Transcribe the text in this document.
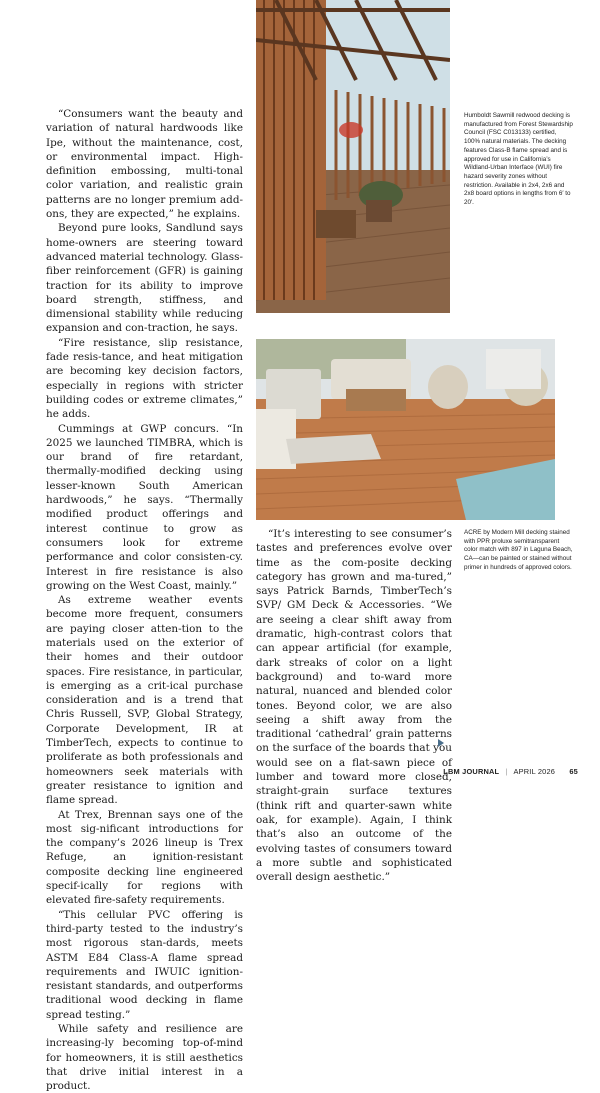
“Consumers want the beauty and variation of natural hardwoods like Ipe, without the maintenance, cost, or environmental impact. High-definition embossing, multi-tonal color variation, and realistic grain patterns are no longer premium add-ons, they are expected,” he explains.

Beyond pure looks, Sandlund says home-owners are steering toward advanced material technology. Glass-fiber reinforcement (GFR) is gaining traction for its ability to improve board strength, stiffness, and dimensional stability while reducing expansion and con-traction, he says.

“Fire resistance, slip resistance, fade resis-tance, and heat mitigation are becoming key decision factors, especially in regions with stricter building codes or extreme climates,” he adds.

Cummings at GWP concurs. “In 2025 we launched TIMBRA, which is our brand of fire retardant, thermally-modified decking using lesser-known South American hardwoods,” he says. “Thermally modified product offerings and interest continue to grow as consumers look for extreme performance and color consisten-cy. Interest in fire resistance is also growing on the West Coast, mainly.”

As extreme weather events become more frequent, consumers are paying closer atten-tion to the materials used on the exterior of their homes and their outdoor spaces. Fire resistance, in particular, is emerging as a crit-ical purchase consideration and is a trend that Chris Russell, SVP, Global Strategy, Corporate Development, IR at TimberTech, expects to continue to proliferate as both professionals and homeowners seek materials with greater resistance to ignition and flame spread.

At Trex, Brennan says one of the most sig-nificant introductions for the company’s 2026 lineup is Trex Refuge, an ignition-resistant composite decking line engineered specif-ically for regions with elevated fire-safety requirements.

“This cellular PVC offering is third-party tested to the industry’s most rigorous stan-dards, meets ASTM E84 Class-A flame spread requirements and IWUIC ignition-resistant standards, and outperforms traditional wood decking in flame spread testing.”

While safety and resilience are increasing-ly becoming top-of-mind for homeowners, it is still aesthetics that drive initial interest in a product.

Humboldt Sawmill redwood decking is manufactured from Forest Stewardship Council (FSC C013133) certified, 100% natural materials. The decking features Class-B flame spread and is approved for use in California’s Wildland-Urban Interface (WUI) fire hazard severity zones without restriction. Available in 2x4, 2x6 and 2x8 board options in lengths from 6′ to 20′.

“It’s interesting to see consumer’s tastes and preferences evolve over time as the com-posite decking category has grown and ma-tured,” says Patrick Barnds, TimberTech’s SVP/ GM Deck & Accessories. “We are seeing a clear shift away from dramatic, high-contrast colors that can appear artificial (for example, dark streaks of color on a light background) and to-ward more natural, nuanced and blended color tones. Beyond color, we are also seeing a shift away from the traditional ‘cathedral’ grain patterns on the surface of the boards that you would see on a flat-sawn piece of lumber and toward more closed, straight-grain surface textures (think rift and quarter-sawn white oak, for example). Again, I think that’s also an outcome of the evolving tastes of consumers toward a more subtle and sophisticated overall design aesthetic.”

ACRE by Modern Mill decking stained with PPR proluxe semitransparent color match with 897 in Laguna Beach, CA—can be painted or stained without primer in hundreds of approved colors.
LBM JOURNAL | APRIL 2026 65
